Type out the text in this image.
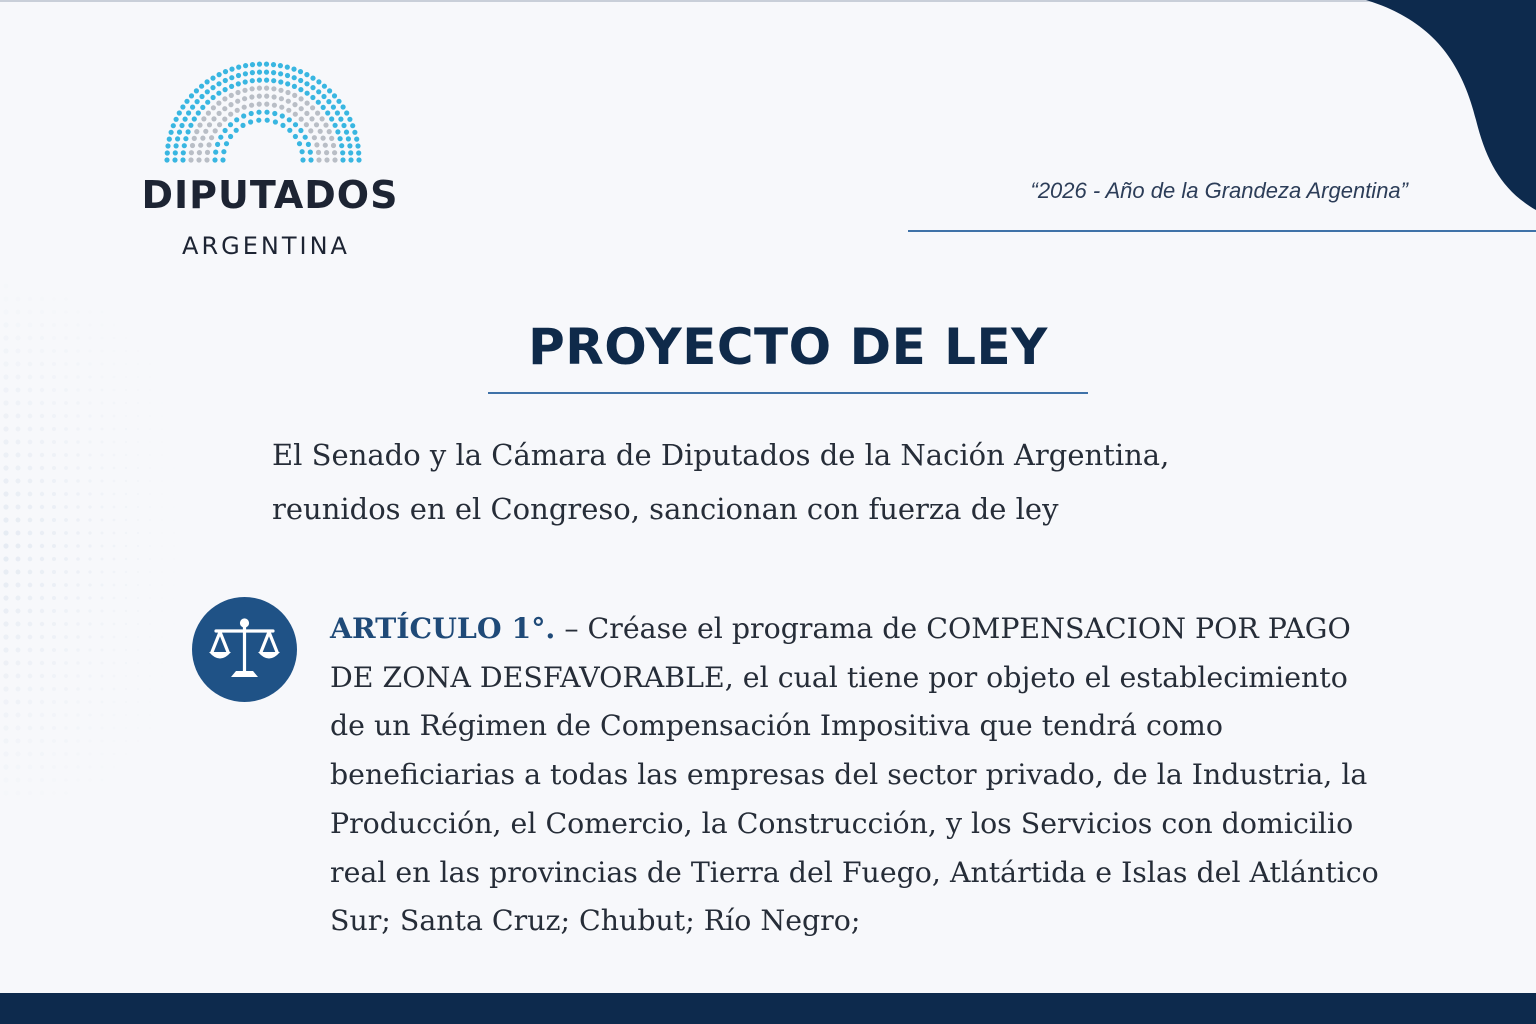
DIPUTADOS
ARGENTINA
“2026 - Año de la Grandeza Argentina”
PROYECTO DE LEY

El Senado y la Cámara de Diputados de la Nación Argentina,

reunidos en el Congreso, sancionan con fuerza de ley

ARTÍCULO 1°. – Créase el programa de COMPENSACION POR PAGO DE ZONA DESFAVORABLE, el cual tiene por objeto el establecimiento de un Régimen de Compensación Impositiva que tendrá como beneficiarias a todas las empresas del sector privado, de la Industria, la Producción, el Comercio, la Construcción, y los Servicios con domicilio real en las provincias de Tierra del Fuego, Antártida e Islas del Atlántico Sur; Santa Cruz; Chubut; Río Negro;
